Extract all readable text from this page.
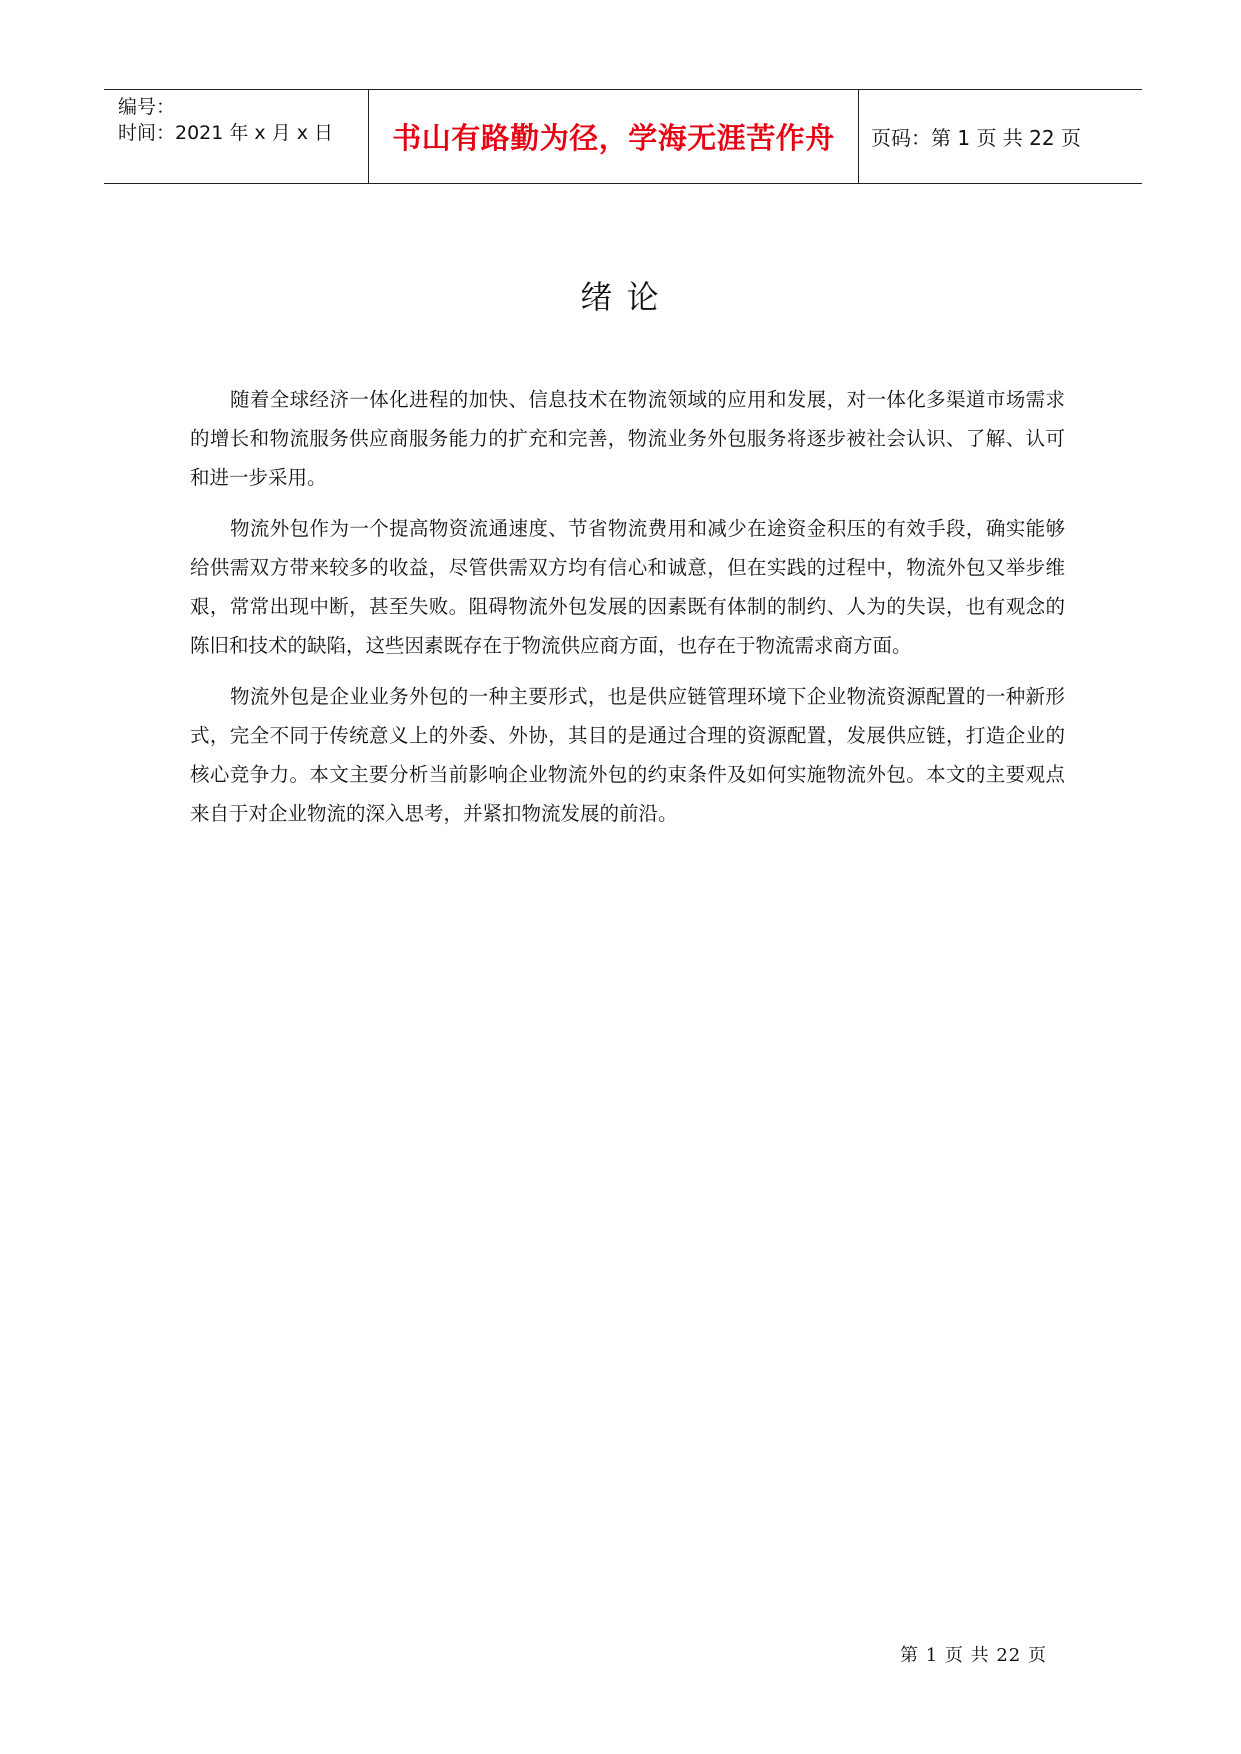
编号：
时间：2021 年 x 月 x 日	书山有路勤为径，学海无涯苦作舟 页码：第 1 页 共 22 页
绪 论

随着全球经济一体化进程的加快、信息技术在物流领域的应用和发展，对一体化多渠道市场需求的增长和物流服务供应商服务能力的扩充和完善，物流业务外包服务将逐步被社会认识、了解、认可和进一步采用。

物流外包作为一个提高物资流通速度、节省物流费用和减少在途资金积压的有效手段，确实能够给供需双方带来较多的收益，尽管供需双方均有信心和诚意，但在实践的过程中，物流外包又举步维艰，常常出现中断，甚至失败。阻碍物流外包发展的因素既有体制的制约、人为的失误，也有观念的陈旧和技术的缺陷，这些因素既存在于物流供应商方面，也存在于物流需求商方面。

物流外包是企业业务外包的一种主要形式，也是供应链管理环境下企业物流资源配置的一种新形式，完全不同于传统意义上的外委、外协，其目的是通过合理的资源配置，发展供应链，打造企业的核心竞争力。本文主要分析当前影响企业物流外包的约束条件及如何实施物流外包。本文的主要观点来自于对企业物流的深入思考，并紧扣物流发展的前沿。

第 1 页 共 22 页
